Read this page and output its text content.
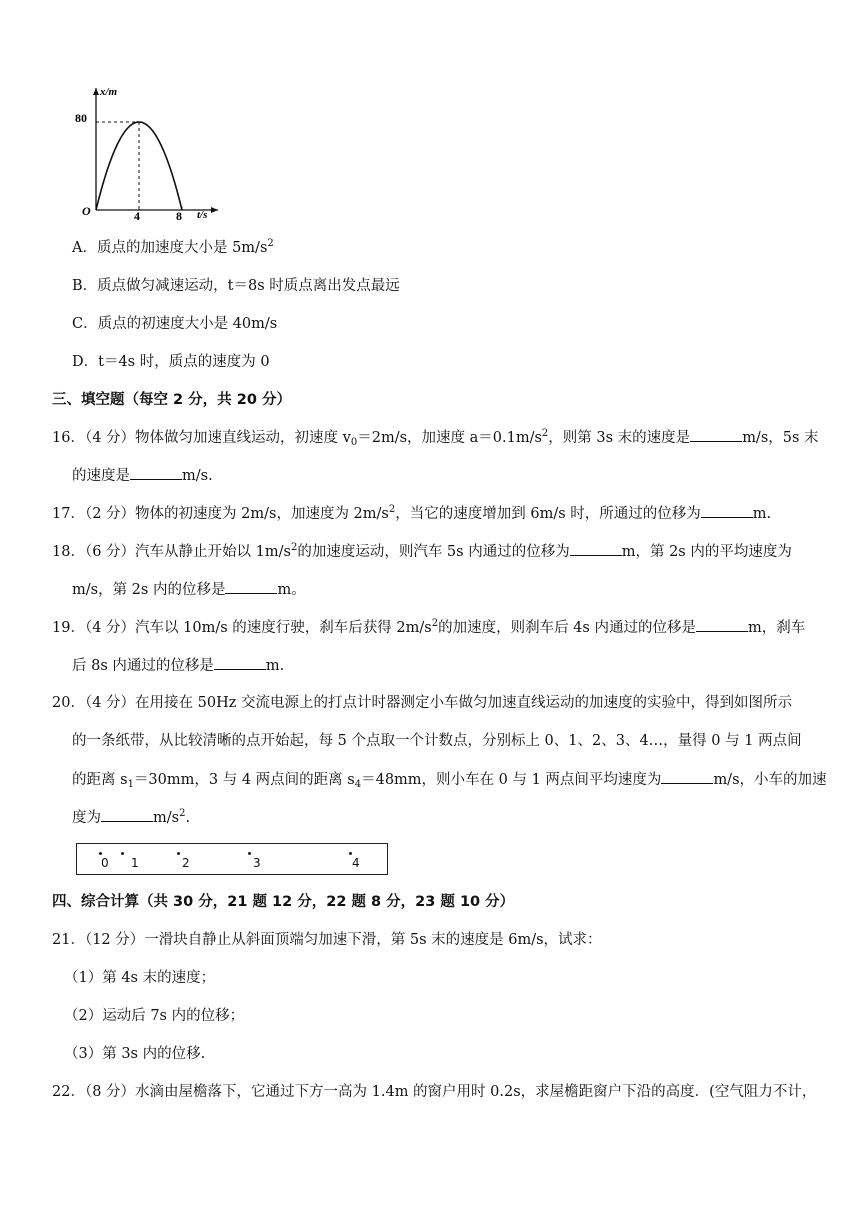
x/m
t/s
O
80
4	8
A．质点的加速度大小是 $5m/s^2$
B．质点做匀减速运动，t＝8s 时质点离出发点最远
C．质点的初速度大小是 40m/s
D．t＝4s 时，质点的速度为 0
三、填空题（每空 2 分，共 20 分）
16．（4 分）物体做匀加速直线运动，初速度 $v_0=2m/s$，加速度 $a=0.1m/s^2$，则第 3s 末的速度是	m/s，5s 末
的速度是	m/s.
17．（2 分）物体的初速度为 2m/s，加速度为 $2m/s^2$，当它的速度增加到 6m/s 时，所通过的位移为	m.
18．（6 分）汽车从静止开始以 $1m/s^2$的加速度运动，则汽车 5s 内通过的位移为	m，第 2s 内的平均速度为
m/s，第 2s 内的位移是	m。
19．（4 分）汽车以 10m/s 的速度行驶，刹车后获得 $2m/s^2$的加速度，则刹车后 4s 内通过的位移是	m，刹车
后 8s 内通过的位移是	m.
20．（4 分）在用接在 50Hz 交流电源上的打点计时器测定小车做匀加速直线运动的加速度的实验中，得到如图所示
的一条纸带，从比较清晰的点开始起，每 5 个点取一个计数点，分别标上 0、1、2、3、4…，量得 0 与 1 两点间
的距离 $s_1=30mm$，3 与 4 两点间的距离 $s_4=48mm$，则小车在 0 与 1 两点间平均速度为	m/s，小车的加速
度为	$m/s^2$.
0 1	2	3	4
四、综合计算（共 30 分，21 题 12 分，22 题 8 分，23 题 10 分）
21．（12 分）一滑块自静止从斜面顶端匀加速下滑，第 5s 末的速度是 6m/s，试求：
（1）第 4s 末的速度；
（2）运动后 7s 内的位移；
（3）第 3s 内的位移.
22．（8 分）水滴由屋檐落下，它通过下方一高为 1.4m 的窗户用时 0.2s，求屋檐距窗户下沿的高度．(空气阻力不计，
